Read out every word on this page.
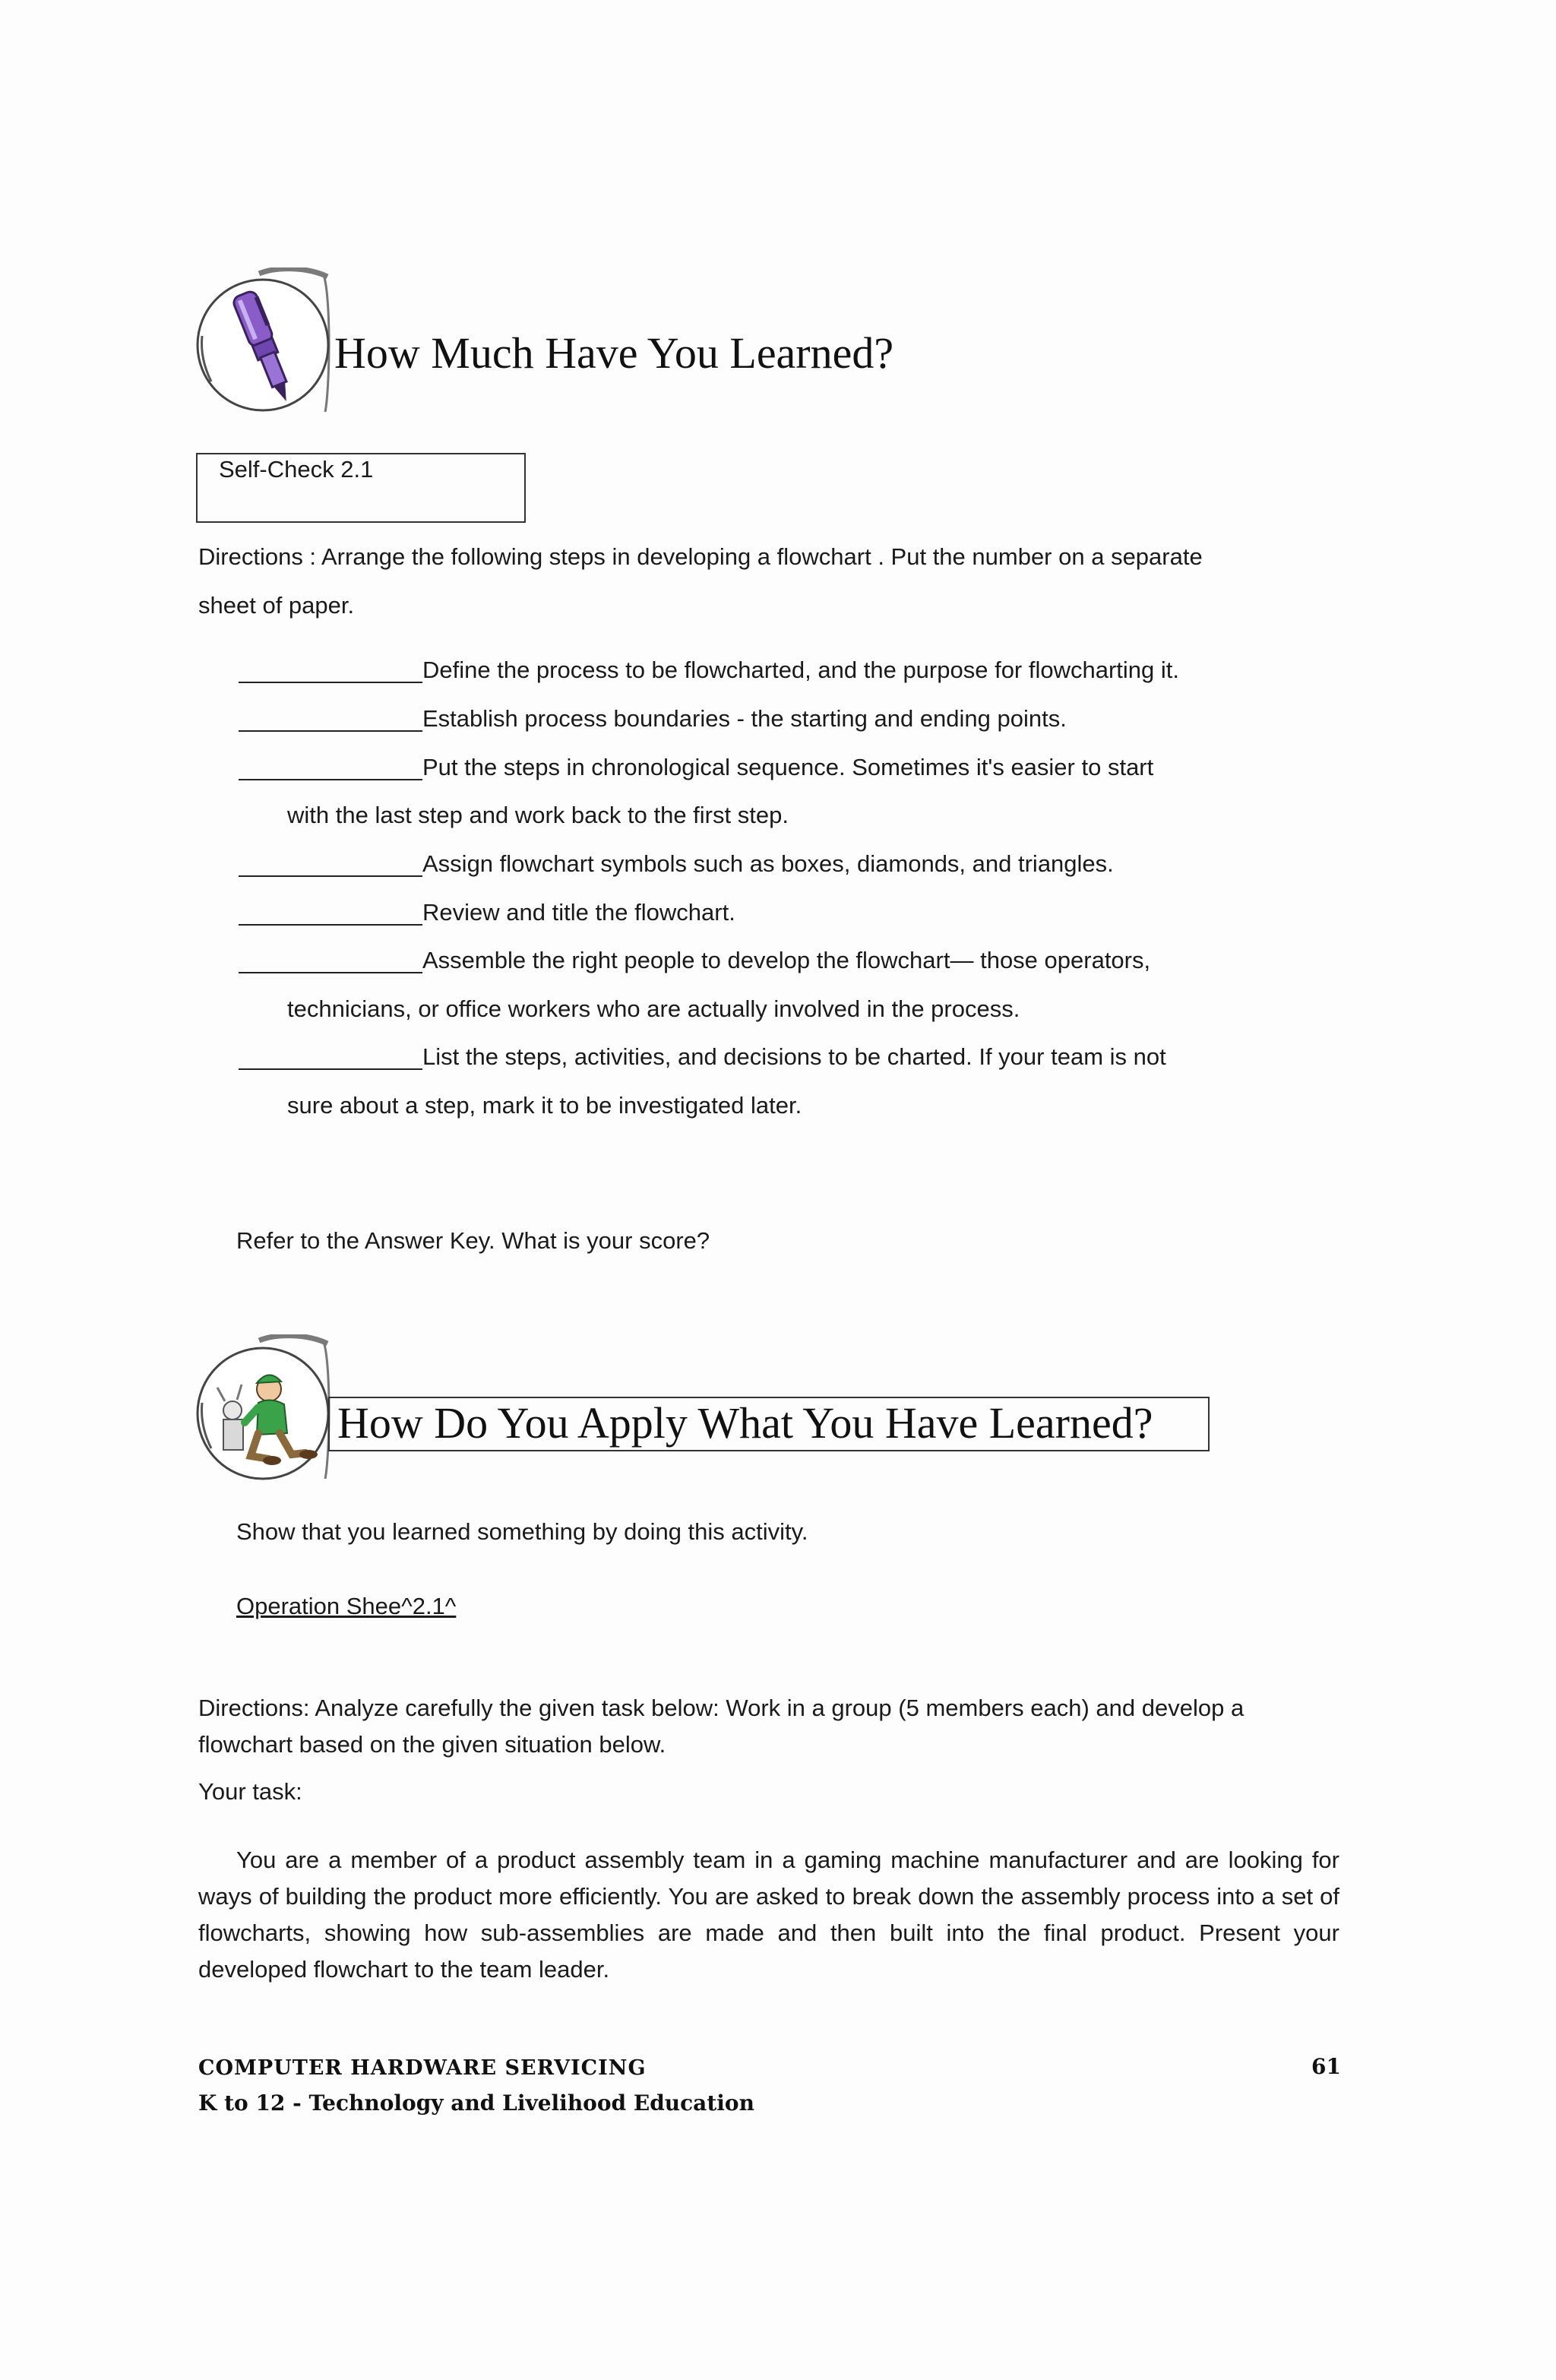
How Much Have You Learned?
Self-Check 2.1
Directions : Arrange the following steps in developing a flowchart . Put the number on a separate
sheet of paper.
Define the process to be flowcharted, and the purpose for flowcharting it.
Establish process boundaries - the starting and ending points.
Put the steps in chronological sequence. Sometimes it's easier to start
with the last step and work back to the first step.
Assign flowchart symbols such as boxes, diamonds, and triangles.
Review and title the flowchart.
Assemble the right people to develop the flowchart— those operators,
technicians, or office workers who are actually involved in the process.
List the steps, activities, and decisions to be charted. If your team is not
sure about a step, mark it to be investigated later.
Refer to the Answer Key. What is your score?
How Do You Apply What You Have Learned?
Show that you learned something by doing this activity.
Operation Shee^2.1^
Directions: Analyze carefully the given task below: Work in a group (5 members each) and develop a flowchart based on the given situation below.
Your task:
You are a member of a product assembly team in a gaming machine manufacturer and are looking for ways of building the product more efficiently. You are asked to break down the assembly process into a set of flowcharts, showing how sub-assemblies are made and then built into the final product. Present your developed flowchart to the team leader.
COMPUTER HARDWARE SERVICING
K to 12 - Technology and Livelihood Education
61
